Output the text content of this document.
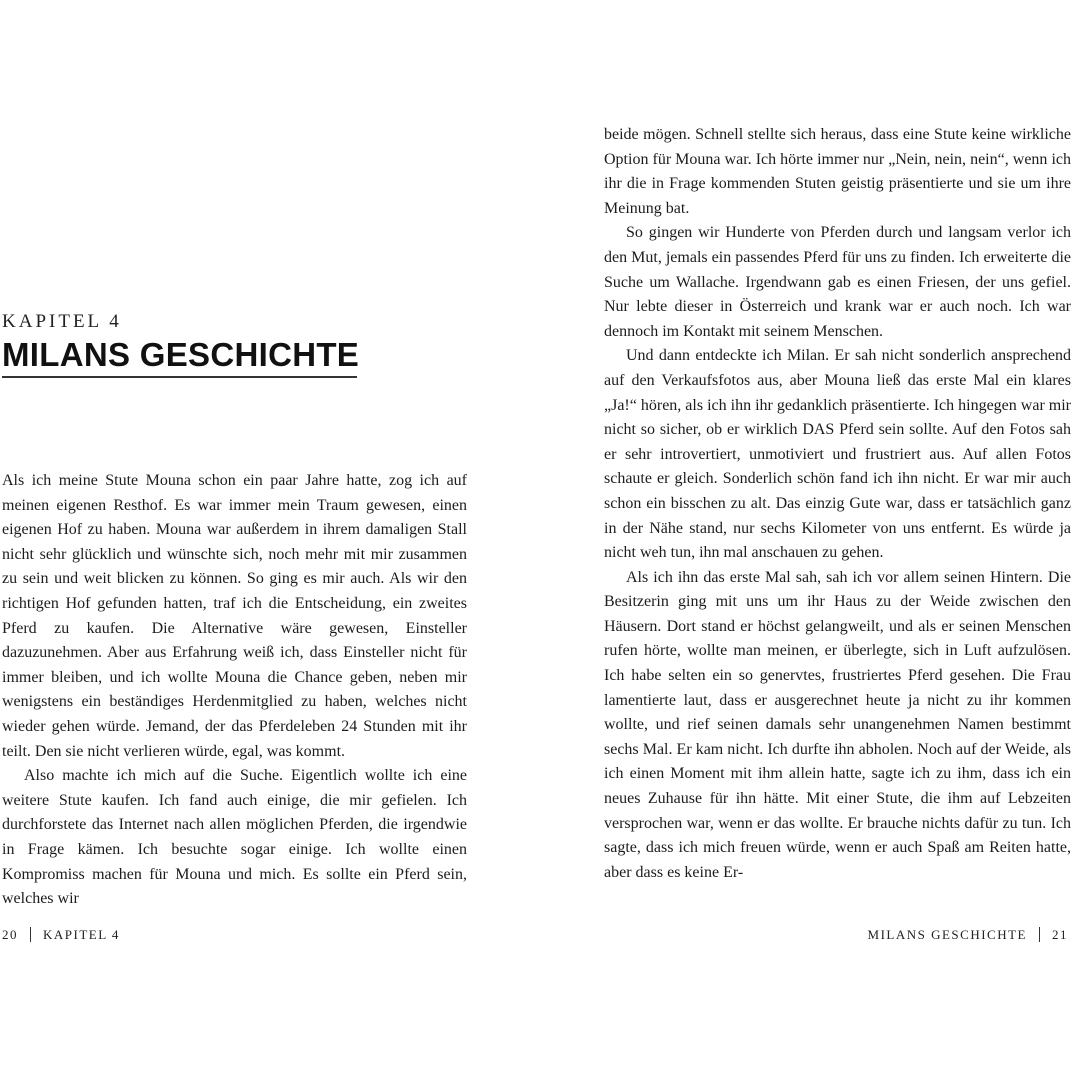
KAPITEL 4
MILANS GESCHICHTE

Als ich meine Stute Mouna schon ein paar Jahre hatte, zog ich auf meinen eigenen Resthof. Es war immer mein Traum gewesen, einen eigenen Hof zu haben. Mouna war außerdem in ihrem damaligen Stall nicht sehr glücklich und wünschte sich, noch mehr mit mir zusammen zu sein und weit blicken zu können. So ging es mir auch. Als wir den richtigen Hof gefunden hatten, traf ich die Entscheidung, ein zweites Pferd zu kaufen. Die Alternative wäre gewesen, Einsteller dazuzunehmen. Aber aus Erfahrung weiß ich, dass Einsteller nicht für immer bleiben, und ich wollte Mouna die Chance geben, neben mir wenigstens ein beständiges Herdenmitglied zu haben, welches nicht wieder gehen würde. Jemand, der das Pferdeleben 24 Stunden mit ihr teilt. Den sie nicht verlieren würde, egal, was kommt.

Also machte ich mich auf die Suche. Eigentlich wollte ich eine weitere Stute kaufen. Ich fand auch einige, die mir gefielen. Ich durchforstete das Internet nach allen möglichen Pferden, die irgendwie in Frage kämen. Ich besuchte sogar einige. Ich wollte einen Kompromiss machen für Mouna und mich. Es sollte ein Pferd sein, welches wir

20 KAPITEL 4

beide mögen. Schnell stellte sich heraus, dass eine Stute keine wirkliche Option für Mouna war. Ich hörte immer nur „Nein, nein, nein“, wenn ich ihr die in Frage kommenden Stuten geistig präsentierte und sie um ihre Meinung bat.

So gingen wir Hunderte von Pferden durch und langsam verlor ich den Mut, jemals ein passendes Pferd für uns zu finden. Ich erweiterte die Suche um Wallache. Irgendwann gab es einen Friesen, der uns gefiel. Nur lebte dieser in Österreich und krank war er auch noch. Ich war dennoch im Kontakt mit seinem Menschen.

Und dann entdeckte ich Milan. Er sah nicht sonderlich ansprechend auf den Verkaufsfotos aus, aber Mouna ließ das erste Mal ein klares „Ja!“ hören, als ich ihn ihr gedanklich präsentierte. Ich hingegen war mir nicht so sicher, ob er wirklich DAS Pferd sein sollte. Auf den Fotos sah er sehr introvertiert, unmotiviert und frustriert aus. Auf allen Fotos schaute er gleich. Sonderlich schön fand ich ihn nicht. Er war mir auch schon ein bisschen zu alt. Das einzig Gute war, dass er tatsächlich ganz in der Nähe stand, nur sechs Kilometer von uns entfernt. Es würde ja nicht weh tun, ihn mal anschauen zu gehen.

Als ich ihn das erste Mal sah, sah ich vor allem seinen Hintern. Die Besitzerin ging mit uns um ihr Haus zu der Weide zwischen den Häusern. Dort stand er höchst gelangweilt, und als er seinen Menschen rufen hörte, wollte man meinen, er überlegte, sich in Luft aufzulösen. Ich habe selten ein so genervtes, frustriertes Pferd gesehen. Die Frau lamentierte laut, dass er ausgerechnet heute ja nicht zu ihr kommen wollte, und rief seinen damals sehr unangenehmen Namen bestimmt sechs Mal. Er kam nicht. Ich durfte ihn abholen. Noch auf der Weide, als ich einen Moment mit ihm allein hatte, sagte ich zu ihm, dass ich ein neues Zuhause für ihn hätte. Mit einer Stute, die ihm auf Lebzeiten versprochen war, wenn er das wollte. Er brauche nichts dafür zu tun. Ich sagte, dass ich mich freuen würde, wenn er auch Spaß am Reiten hatte, aber dass es keine Er-

MILANS GESCHICHTE 21
